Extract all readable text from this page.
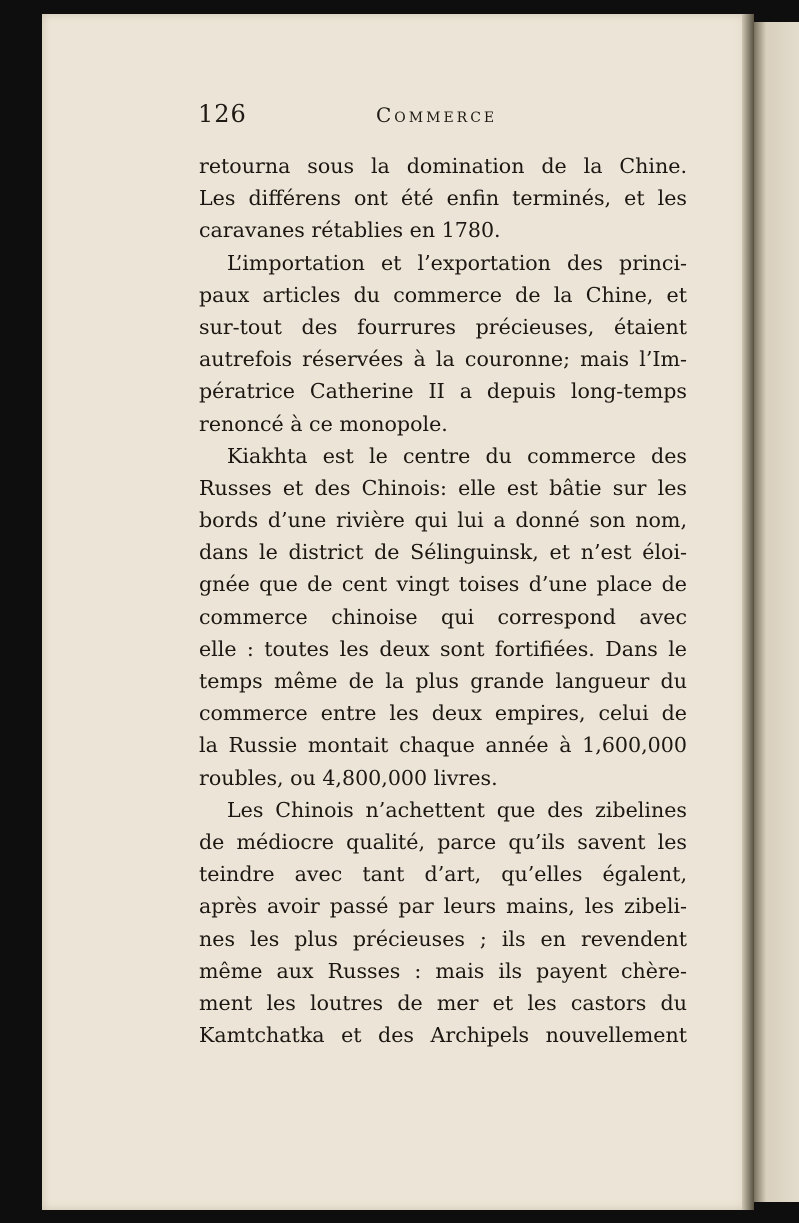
126	Commerce
retourna sous la domination de la Chine.
Les différens ont été enfin terminés, et les
caravanes rétablies en 1780.
L’importation et l’exportation des princi-
paux articles du commerce de la Chine, et
sur-tout des fourrures précieuses, étaient
autrefois réservées à la couronne; mais l’Im-
pératrice Catherine II a depuis long-temps
renoncé à ce monopole.
Kiakhta est le centre du commerce des
Russes et des Chinois: elle est bâtie sur les
bords d’une rivière qui lui a donné son nom,
dans le district de Sélinguinsk, et n’est éloi-
gnée que de cent vingt toises d’une place de
commerce chinoise qui correspond avec
elle : toutes les deux sont fortifiées. Dans le
temps même de la plus grande langueur du
commerce entre les deux empires, celui de
la Russie montait chaque année à 1,600,000
roubles, ou 4,800,000 livres.
Les Chinois n’achettent que des zibelines
de médiocre qualité, parce qu’ils savent les
teindre avec tant d’art, qu’elles égalent,
après avoir passé par leurs mains, les zibeli-
nes les plus précieuses ; ils en revendent
même aux Russes : mais ils payent chère-
ment les loutres de mer et les castors du
Kamtchatka et des Archipels nouvellement
